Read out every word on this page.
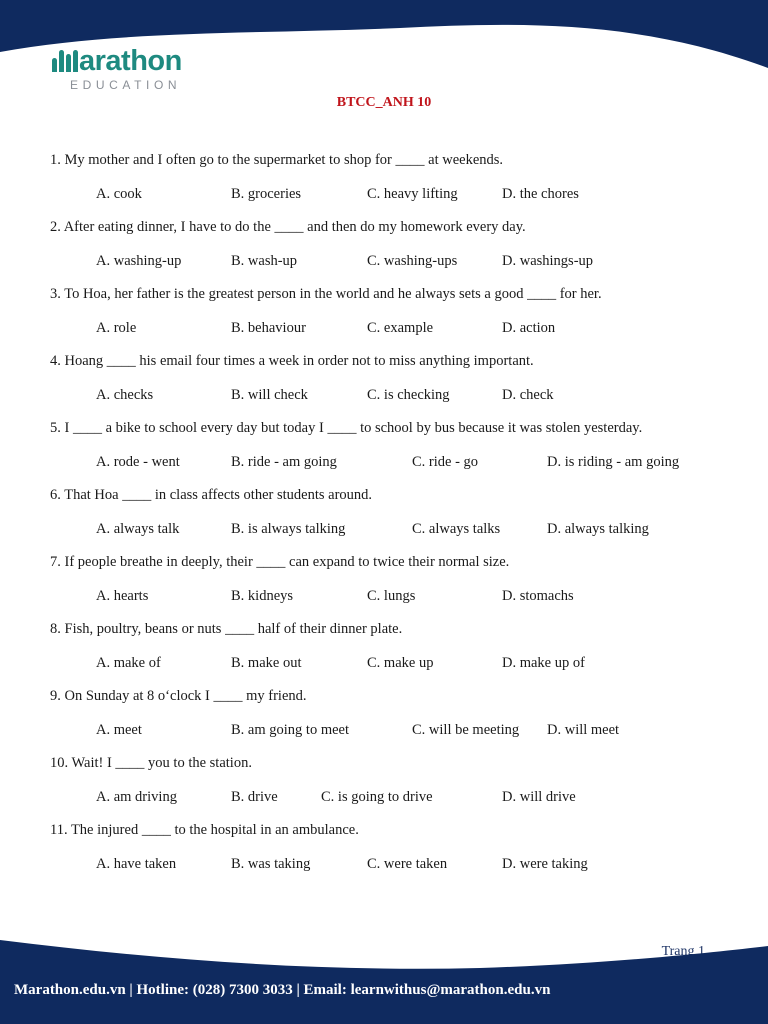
arathon
EDUCATION
BTCC_ANH 10
1. My mother and I often go to the supermarket to shop for ____ at weekends.
A. cook	B. groceries	C. heavy lifting	D. the chores
2. After eating dinner, I have to do the ____ and then do my homework every day.
A. washing-up	B. wash-up	C. washing-ups	D. washings-up
3. To Hoa, her father is the greatest person in the world and he always sets a good ____ for her.
A. role	B. behaviour	C. example	D. action
4. Hoang ____ his email four times a week in order not to miss anything important.
A. checks	B. will check	C. is checking	D. check
5. I ____ a bike to school every day but today I ____ to school by bus because it was stolen yesterday.
A. rode - went	B. ride - am going	C. ride - go	D. is riding - am going
6. That Hoa ____ in class affects other students around.
A. always talk	B. is always talking	C. always talks	D. always talking
7. If people breathe in deeply, their ____ can expand to twice their normal size.
A. hearts	B. kidneys	C. lungs	D. stomachs
8. Fish, poultry, beans or nuts ____ half of their dinner plate.
A. make of	B. make out	C. make up	D. make up of
9. On Sunday at 8 o‘clock I ____ my friend.
A. meet	B. am going to meet	C. will be meeting D. will meet
10. Wait! I ____ you to the station.
A. am driving	B. drive	C. is going to drive	D. will drive
11. The injured ____ to the hospital in an ambulance.
A. have taken	B. was taking	C. were taken	D. were taking
Trang 1
Marathon.edu.vn | Hotline: (028) 7300 3033 | Email: learnwithus@marathon.edu.vn
